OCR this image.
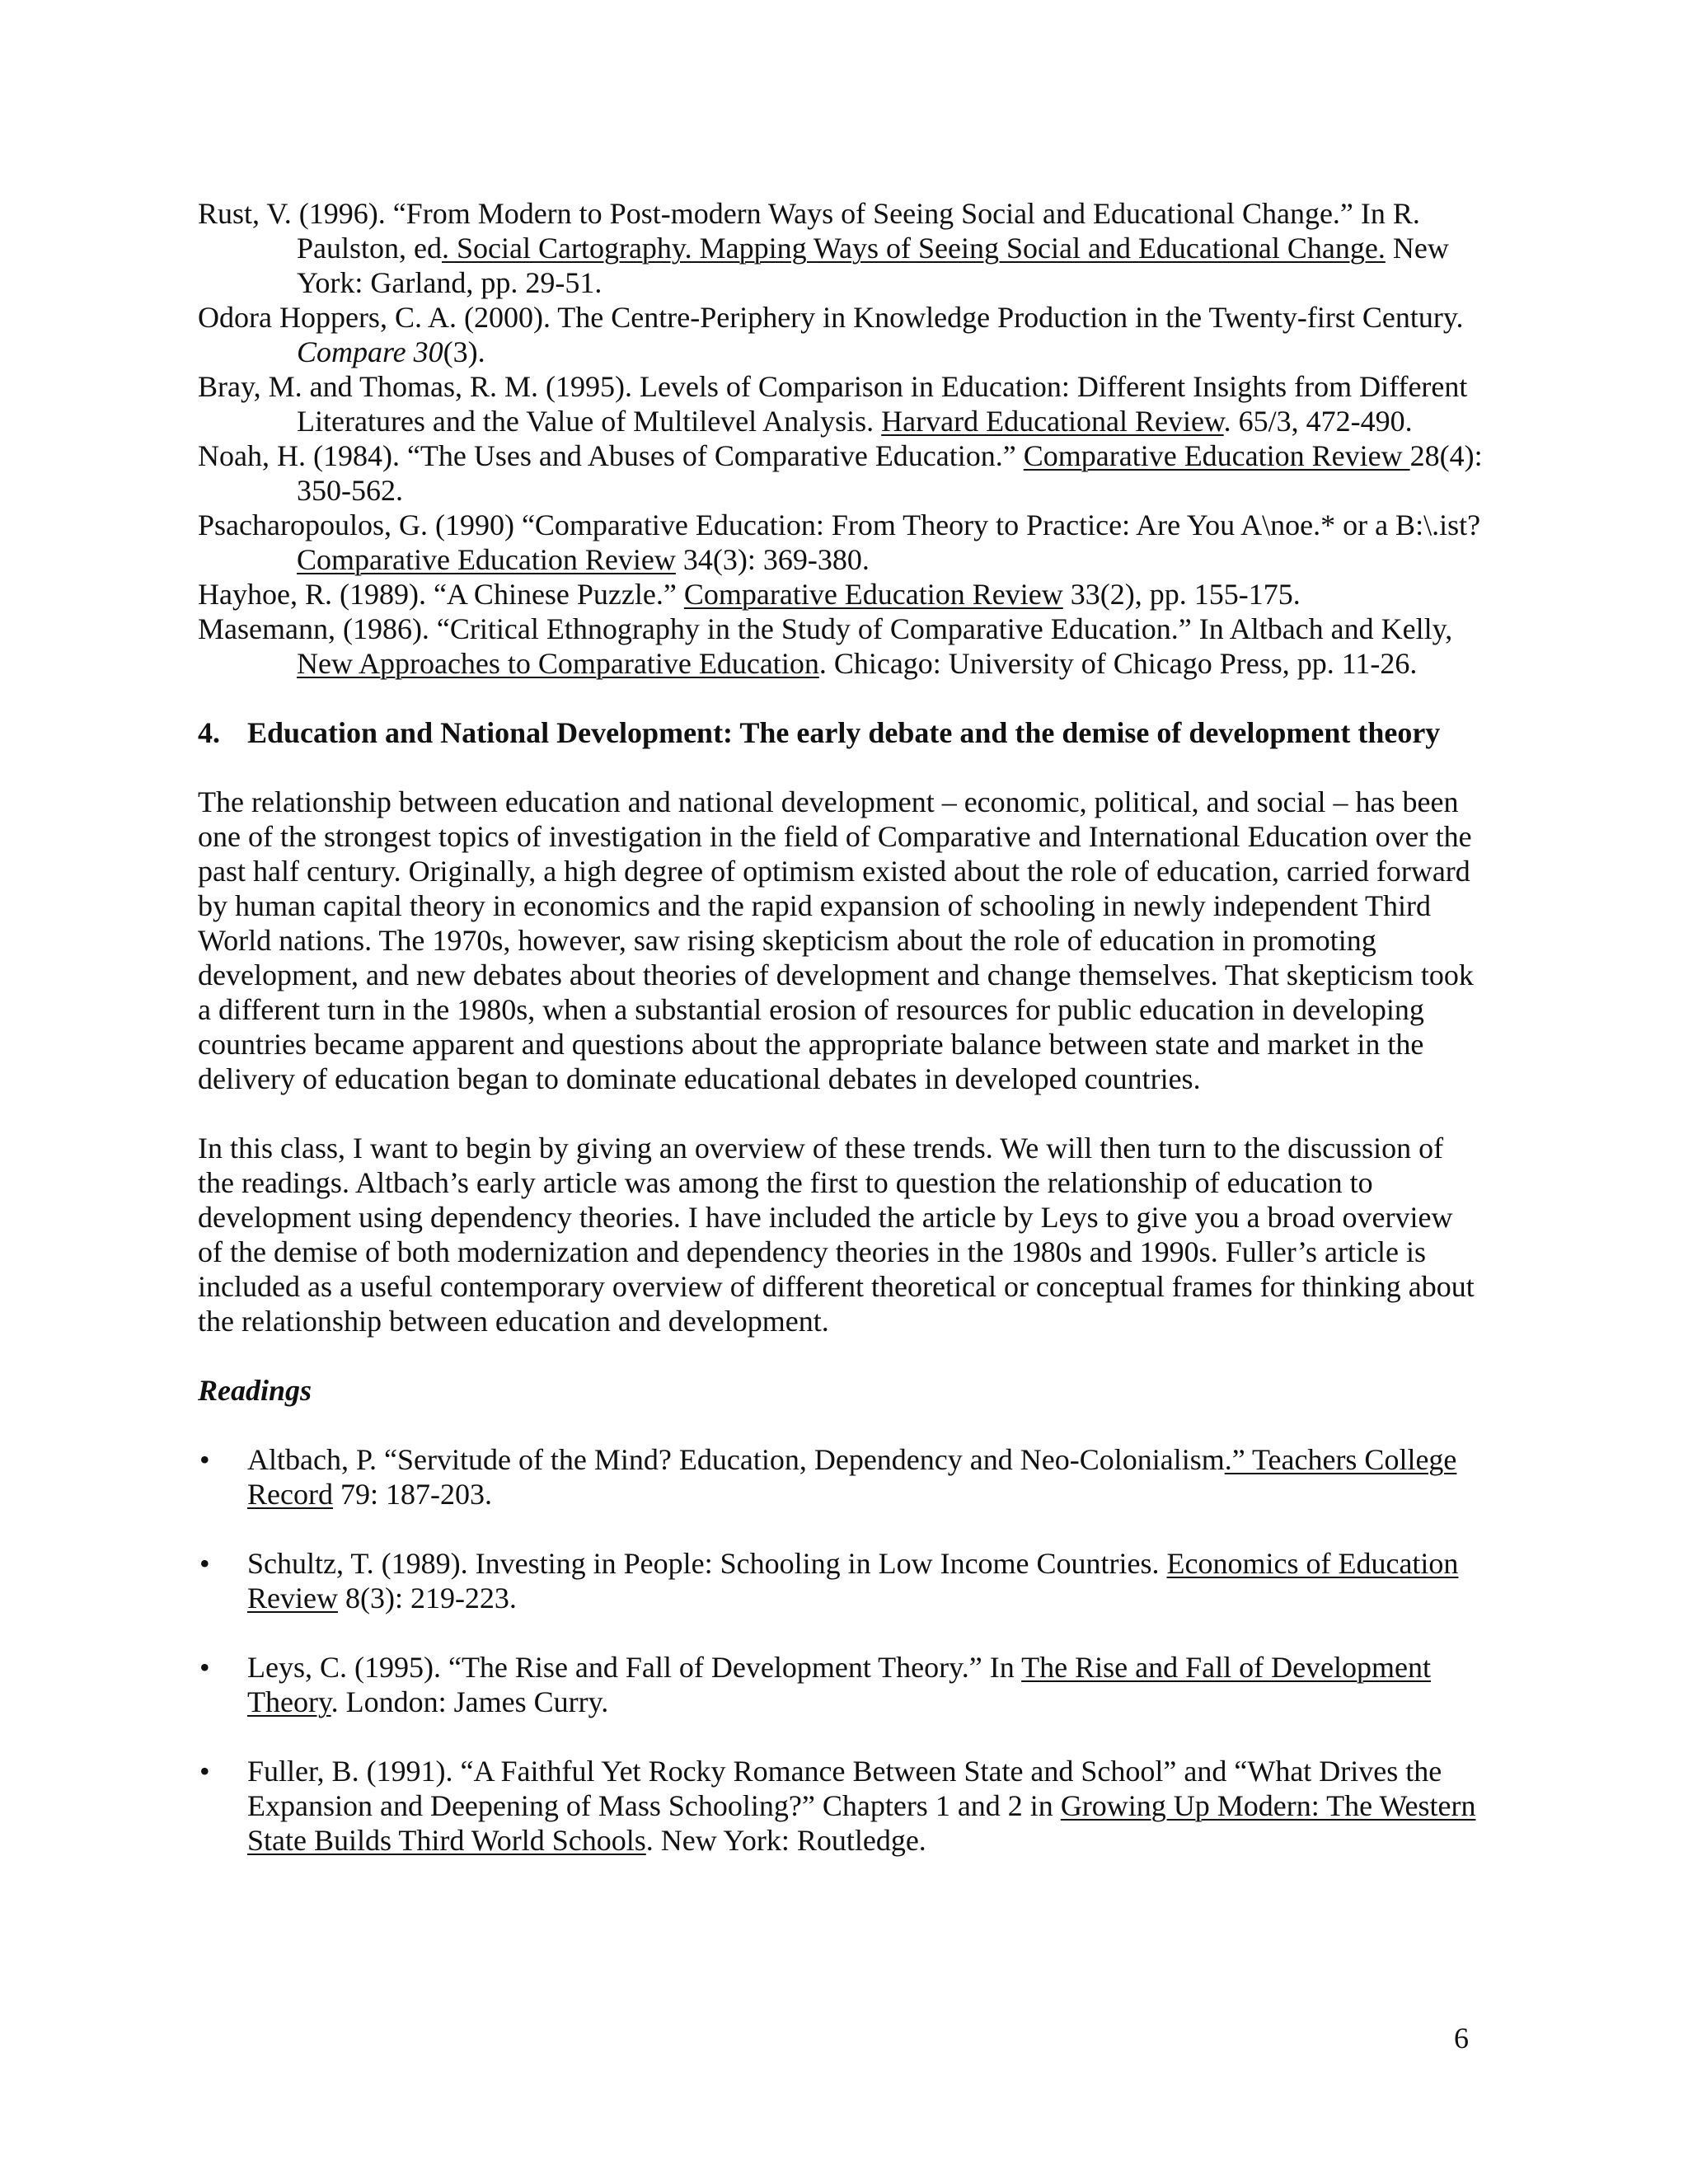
Rust, V. (1996). “From Modern to Post-modern Ways of Seeing Social and Educational Change.” In R. Paulston, ed. Social Cartography. Mapping Ways of Seeing Social and Educational Change. New York: Garland, pp. 29-51.

Odora Hoppers, C. A. (2000). The Centre-Periphery in Knowledge Production in the Twenty-first Century. Compare 30(3).

Bray, M. and Thomas, R. M. (1995). Levels of Comparison in Education: Different Insights from Different Literatures and the Value of Multilevel Analysis. Harvard Educational Review. 65/3, 472-490.

Noah, H. (1984). “The Uses and Abuses of Comparative Education.” Comparative Education Review 28(4): 350-562.

Psacharopoulos, G. (1990) “Comparative Education: From Theory to Practice: Are You A\noe.* or a B:\.ist? Comparative Education Review 34(3): 369-380.

Hayhoe, R. (1989). “A Chinese Puzzle.” Comparative Education Review 33(2), pp. 155-175.

Masemann, (1986). “Critical Ethnography in the Study of Comparative Education.” In Altbach and Kelly, New Approaches to Comparative Education. Chicago: University of Chicago Press, pp. 11-26.

4. Education and National Development: The early debate and the demise of development theory

The relationship between education and national development – economic, political, and social – has been one of the strongest topics of investigation in the field of Comparative and International Education over the past half century. Originally, a high degree of optimism existed about the role of education, carried forward by human capital theory in economics and the rapid expansion of schooling in newly independent Third World nations. The 1970s, however, saw rising skepticism about the role of education in promoting development, and new debates about theories of development and change themselves. That skepticism took a different turn in the 1980s, when a substantial erosion of resources for public education in developing countries became apparent and questions about the appropriate balance between state and market in the delivery of education began to dominate educational debates in developed countries.

In this class, I want to begin by giving an overview of these trends. We will then turn to the discussion of the readings. Altbach’s early article was among the first to question the relationship of education to development using dependency theories. I have included the article by Leys to give you a broad overview of the demise of both modernization and dependency theories in the 1980s and 1990s. Fuller’s article is included as a useful contemporary overview of different theoretical or conceptual frames for thinking about the relationship between education and development.

Readings

• Altbach, P. “Servitude of the Mind? Education, Dependency and Neo-Colonialism.” Teachers College Record 79: 187-203.
• Schultz, T. (1989). Investing in People: Schooling in Low Income Countries. Economics of Education Review 8(3): 219-223.
• Leys, C. (1995). “The Rise and Fall of Development Theory.” In The Rise and Fall of Development Theory. London: James Curry.
• Fuller, B. (1991). “A Faithful Yet Rocky Romance Between State and School” and “What Drives the Expansion and Deepening of Mass Schooling?” Chapters 1 and 2 in Growing Up Modern: The Western State Builds Third World Schools. New York: Routledge.
6
